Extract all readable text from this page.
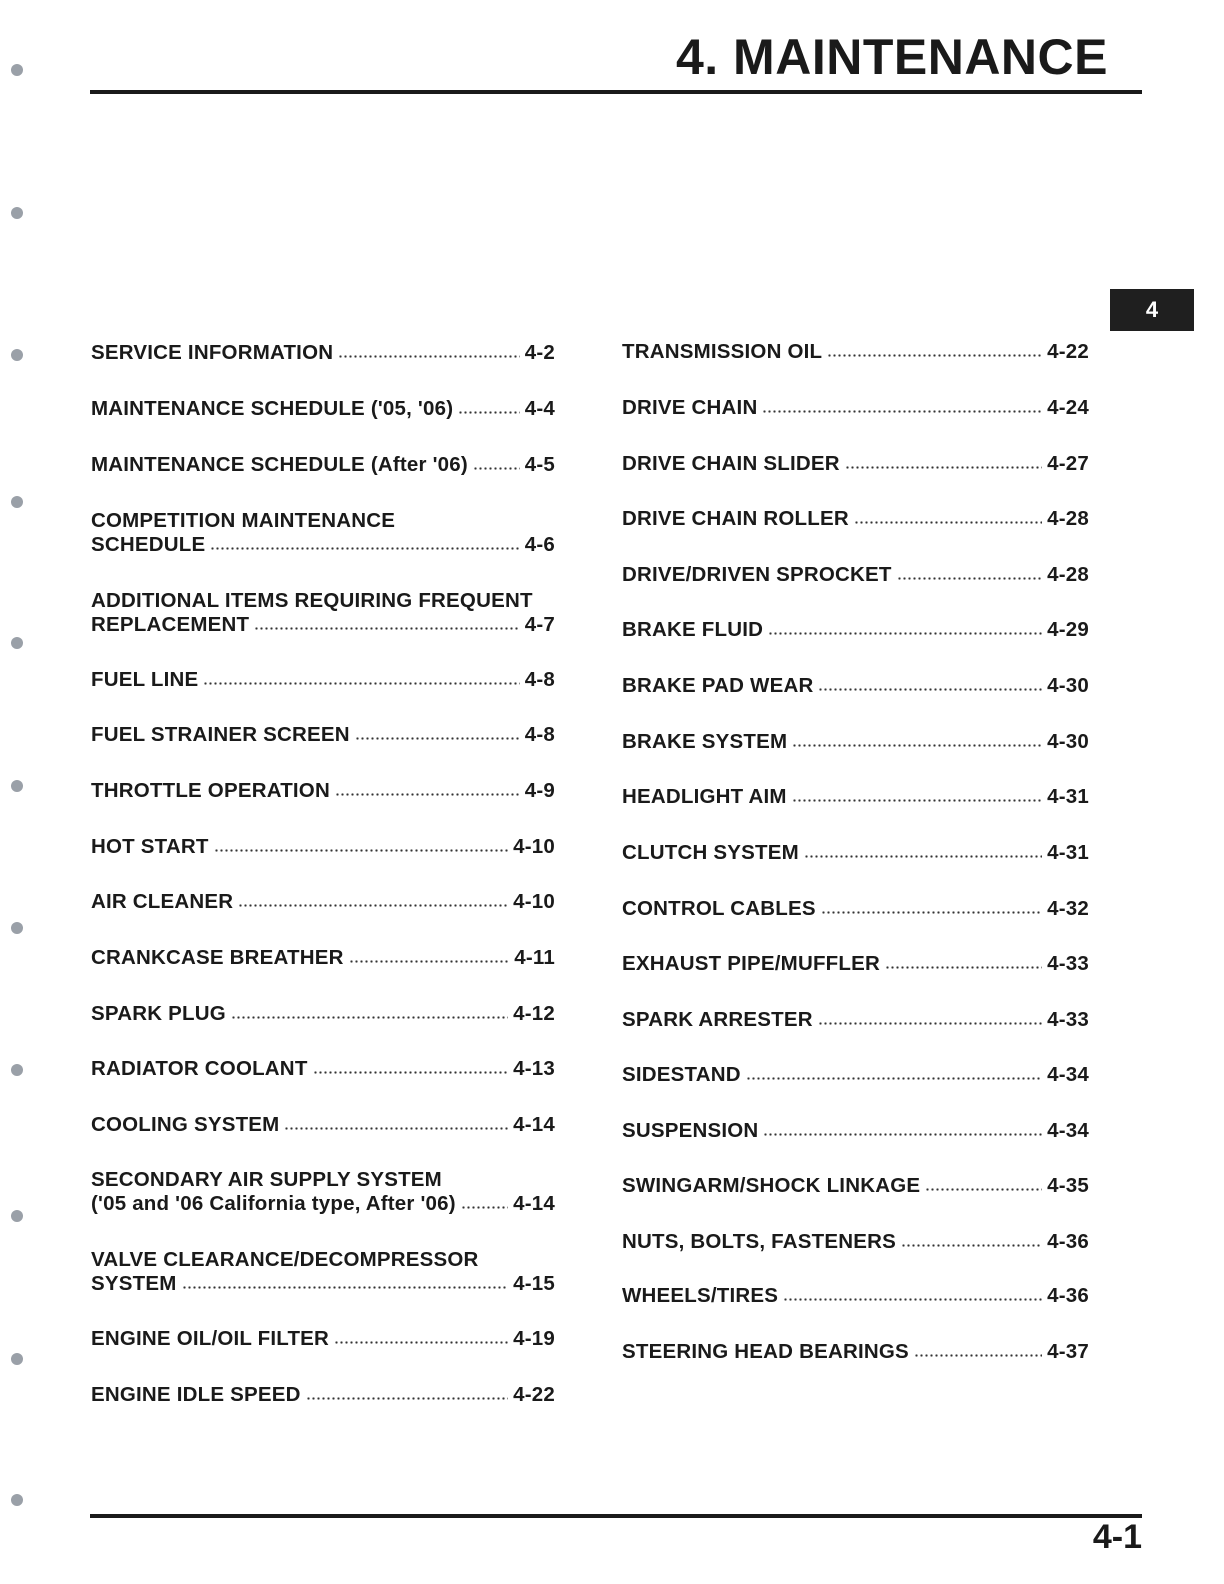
4. MAINTENANCE
4
SERVICE INFORMATION	4-2
MAINTENANCE SCHEDULE ('05, '06)	4-4
MAINTENANCE SCHEDULE (After '06)	4-5
COMPETITION MAINTENANCE
SCHEDULE	4-6
ADDITIONAL ITEMS REQUIRING FREQUENT
REPLACEMENT	4-7
FUEL LINE	4-8
FUEL STRAINER SCREEN	4-8
THROTTLE OPERATION	4-9
HOT START	4-10
AIR CLEANER	4-10
CRANKCASE BREATHER	4-11
SPARK PLUG	4-12
RADIATOR COOLANT	4-13
COOLING SYSTEM	4-14
SECONDARY AIR SUPPLY SYSTEM
('05 and '06 California type, After '06)	4-14
VALVE CLEARANCE/DECOMPRESSOR
SYSTEM	4-15
ENGINE OIL/OIL FILTER	4-19
ENGINE IDLE SPEED	4-22
TRANSMISSION OIL	4-22
DRIVE CHAIN	4-24
DRIVE CHAIN SLIDER	4-27
DRIVE CHAIN ROLLER	4-28
DRIVE/DRIVEN SPROCKET	4-28
BRAKE FLUID	4-29
BRAKE PAD WEAR	4-30
BRAKE SYSTEM	4-30
HEADLIGHT AIM	4-31
CLUTCH SYSTEM	4-31
CONTROL CABLES	4-32
EXHAUST PIPE/MUFFLER	4-33
SPARK ARRESTER	4-33
SIDESTAND	4-34
SUSPENSION	4-34
SWINGARM/SHOCK LINKAGE	4-35
NUTS, BOLTS, FASTENERS	4-36
WHEELS/TIRES	4-36
STEERING HEAD BEARINGS	4-37
4-1
